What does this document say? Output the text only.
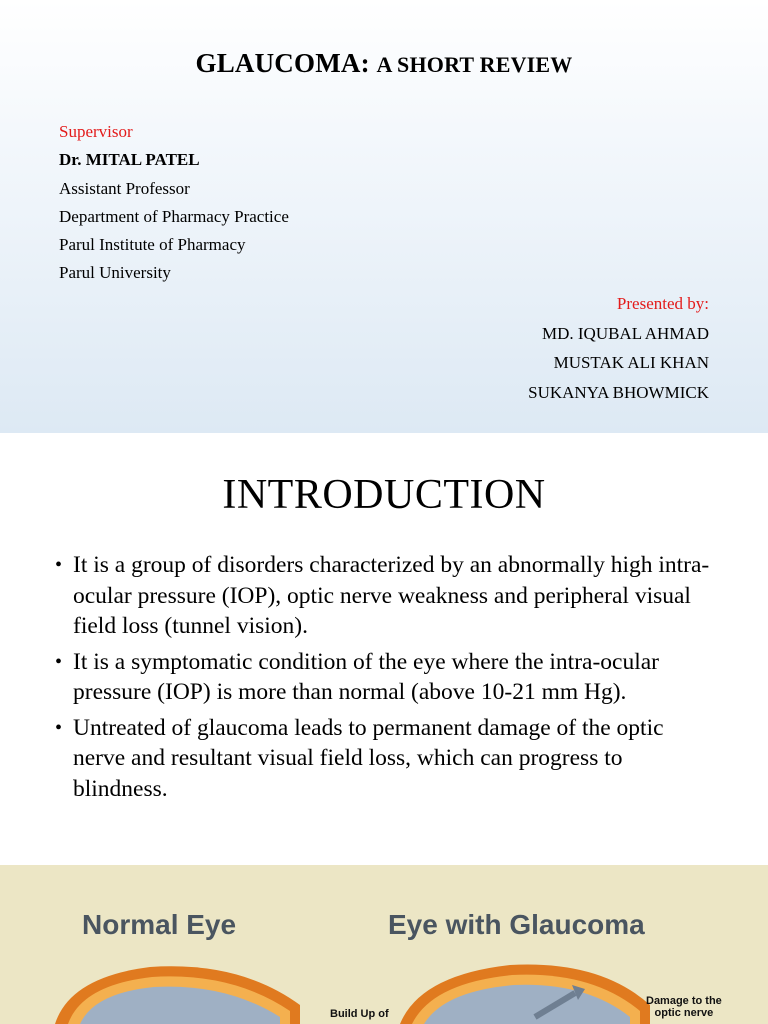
GLAUCOMA: A SHORT REVIEW
Supervisor
Dr. MITAL PATEL
Assistant Professor
Department of Pharmacy Practice
Parul Institute of Pharmacy
Parul University
Presented by:
MD. IQUBAL AHMAD
MUSTAK ALI KHAN
SUKANYA BHOWMICK
INTRODUCTION
• It is a group of disorders characterized by an abnormally high intra-ocular pressure (IOP), optic nerve weakness and peripheral visual field loss (tunnel vision).
• It is a symptomatic condition of the eye where the intra-ocular pressure (IOP) is more than normal (above 10-21 mm Hg).
• Untreated of glaucoma leads to permanent damage of the optic nerve and resultant visual field loss, which can progress to blindness.
Normal Eye	Eye with Glaucoma
Build Up of
Damage to the
optic nerve
